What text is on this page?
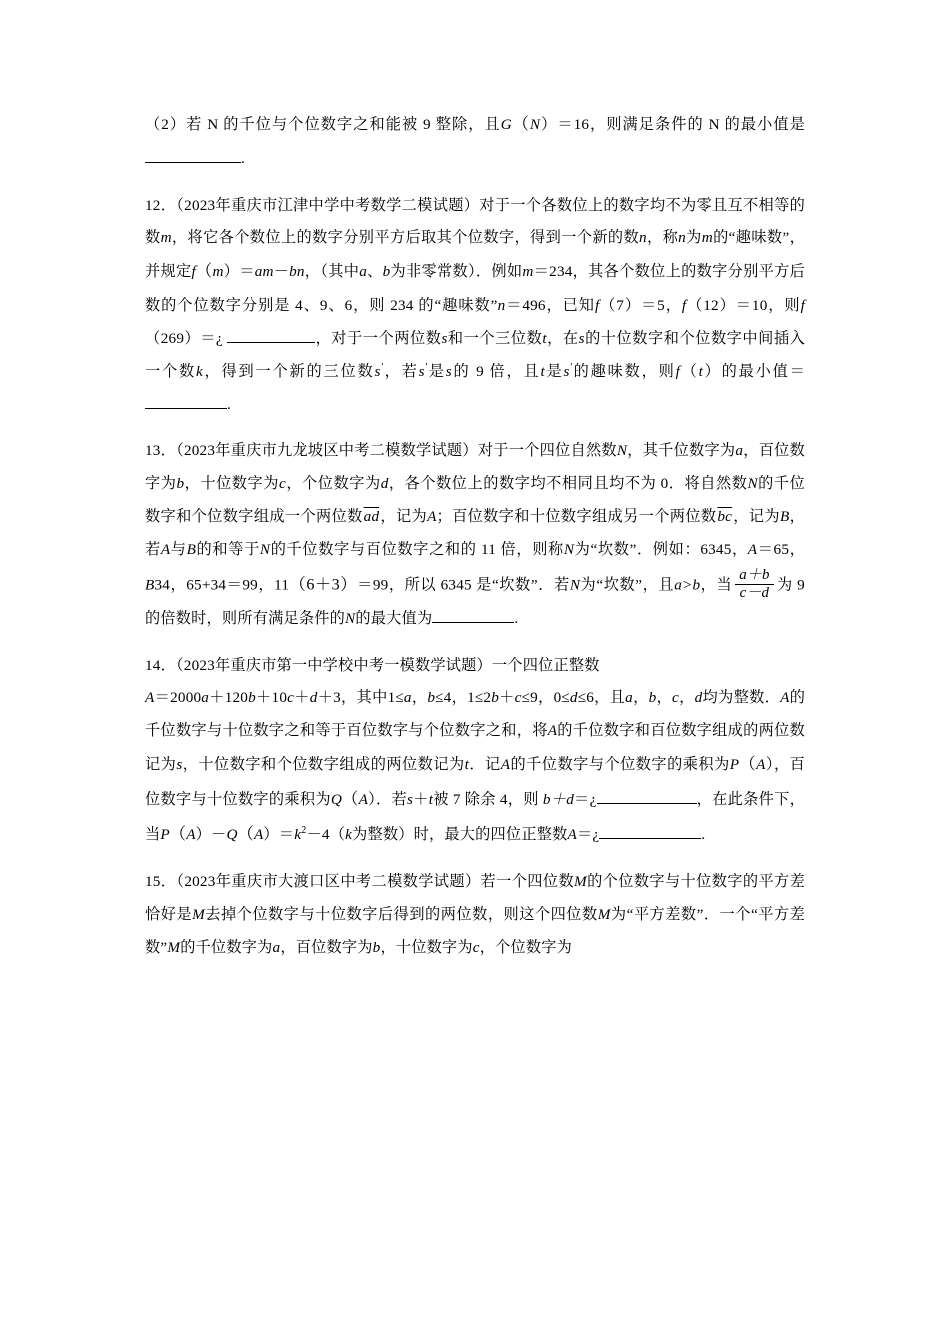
（2）若 N 的千位与个位数字之和能被 9 整除，且G（N）＝16，则满足条件的 N 的最小值是 .

12．（2023年重庆市江津中学中考数学二模试题）对于一个各数位上的数字均不为零且互不相等的数m，将它各个数位上的数字分别平方后取其个位数字，得到一个新的数n，称n为m的“趣味数”，并规定f（m）＝am－bn，（其中a、b为非零常数）．例如m＝234，其各个数位上的数字分别平方后数的个位数字分别是 4、9、6，则 234 的“趣味数”n＝496，已知f（7）＝5，f（12）＝10，则f（269）＝¿	，对于一个两位数s和一个三位数t，在s的十位数字和个位数字中间插入一个数k，得到一个新的三位数s'，若s'是s的 9 倍，且t是s'的趣味数，则f（t）的最小值＝ .

13．（2023年重庆市九龙坡区中考二模数学试题）对于一个四位自然数N，其千位数字为a，百位数字为b，十位数字为c，个位数字为d，各个数位上的数字均不相同且均不为 0．将自然数N的千位数字和个位数字组成一个两位数$\overline{ad}$，记为A；百位数字和十位数字组成另一个两位数$\overline{bc}$，记为B，若A与B的和等于N的千位数字与百位数字之和的 11 倍，则称N为“坎数”．例如：6345，A＝65，B34，65+34＝99，11（6＋3）＝99，所以 6345 是“坎数”．若N为“坎数”，且a>b，当 $\frac{a+b}{c-d}$ 为 9 的倍数时，则所有满足条件的N的最大值为	.

14．（2023年重庆市第一中学校中考一模数学试题）一个四位正整数
A＝2000a＋120b＋10c＋d＋3，其中1≤a，b≤4，1≤2b＋c≤9，0≤d≤6，且a，b，c，d均为整数．A的千位数字与十位数字之和等于百位数字与个位数字之和，将A的千位数字和百位数字组成的两位数记为s，十位数字和个位数字组成的两位数记为t．记A的千位数字与个位数字的乘积为P（A），百位数字与十位数字的乘积为Q（A）．若s＋t被 7 除余 4，则 b＋d＝¿	，在此条件下，当$P(A)-Q(A)=k^2-4(k$为整数）时，最大的四位正整数A＝¿	.

15．（2023年重庆市大渡口区中考二模数学试题）若一个四位数M的个位数字与十位数字的平方差恰好是M去掉个位数字与十位数字后得到的两位数，则这个四位数M为“平方差数”．一个“平方差数”M的千位数字为a，百位数字为b，十位数字为c，个位数字为
